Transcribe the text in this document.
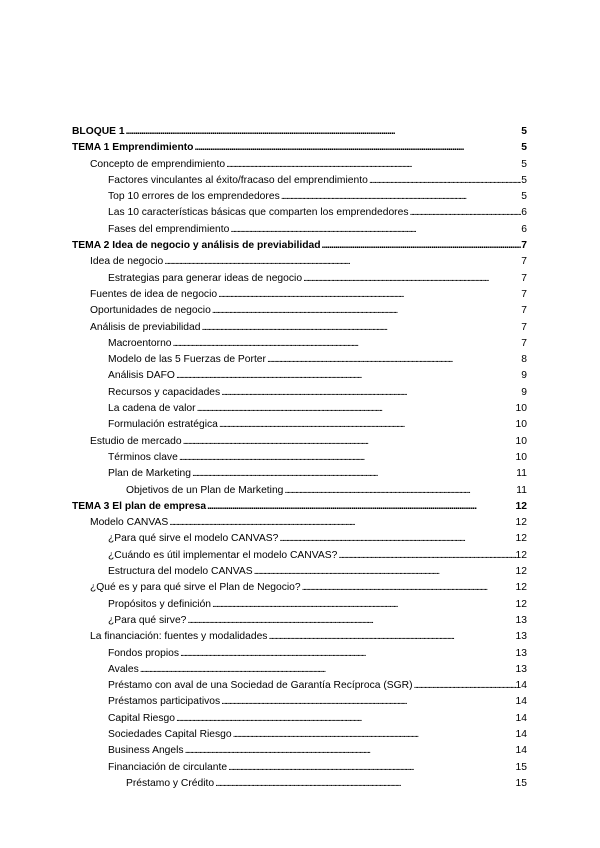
BLOQUE 1 . . .	5
TEMA 1 Emprendimiento . . .	5
Concepto de emprendimiento . . .	5
Factores vinculantes al éxito/fracaso del emprendimiento . . .	5
Top 10 errores de los emprendedores . . .	5
Las 10 características básicas que comparten los emprendedores . . .	6
Fases del emprendimiento . . .	6
TEMA 2 Idea de negocio y análisis de previabilidad . . .	7
Idea de negocio . . .	7
Estrategias para generar ideas de negocio . . .	7
Fuentes de idea de negocio . . .	7
Oportunidades de negocio . . .	7
Análisis de previabilidad . . .	7
Macroentorno . . .	7
Modelo de las 5 Fuerzas de Porter . . .	8
Análisis DAFO . . .	9
Recursos y capacidades . . .	9
La cadena de valor . . .	10
Formulación estratégica . . .	10
Estudio de mercado . . .	10
Términos clave . . .	10
Plan de Marketing . . .	11
Objetivos de un Plan de Marketing . . .	11
TEMA 3 El plan de empresa . . .	12
Modelo CANVAS . . .	12
¿Para qué sirve el modelo CANVAS? . . .	12
¿Cuándo es útil implementar el modelo CANVAS? . . .	12
Estructura del modelo CANVAS . . .	12
¿Qué es y para qué sirve el Plan de Negocio? . . .	12
Propósitos y definición . . .	12
¿Para qué sirve? . . .	13
La financiación: fuentes y modalidades . . .	13
Fondos propios . . .	13
Avales . . .	13
Préstamo con aval de una Sociedad de Garantía Recíproca (SGR) . . .	14
Préstamos participativos . . .	14
Capital Riesgo . . .	14
Sociedades Capital Riesgo . . .	14
Business Angels . . .	14
Financiación de circulante . . .	15
Préstamo y Crédito . . .	15
